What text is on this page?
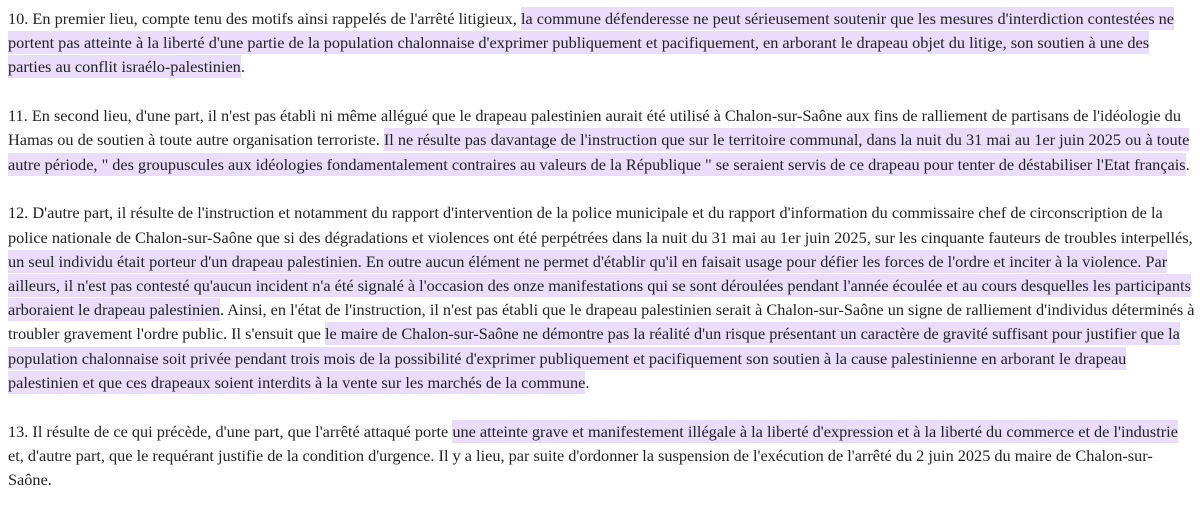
10. En premier lieu, compte tenu des motifs ainsi rappelés de l'arrêté litigieux, la commune défenderesse ne peut sérieusement soutenir que les mesures d'interdiction contestées ne portent pas atteinte à la liberté d'une partie de la population chalonnaise d'exprimer publiquement et pacifiquement, en arborant le drapeau objet du litige, son soutien à une des parties au conflit israélo-palestinien.

11. En second lieu, d'une part, il n'est pas établi ni même allégué que le drapeau palestinien aurait été utilisé à Chalon-sur-Saône aux fins de ralliement de partisans de l'idéologie du Hamas ou de soutien à toute autre organisation terroriste. Il ne résulte pas davantage de l'instruction que sur le territoire communal, dans la nuit du 31 mai au 1er juin 2025 ou à toute autre période, " des groupuscules aux idéologies fondamentalement contraires au valeurs de la République " se seraient servis de ce drapeau pour tenter de déstabiliser l'Etat français.

12. D'autre part, il résulte de l'instruction et notamment du rapport d'intervention de la police municipale et du rapport d'information du commissaire chef de circonscription de la police nationale de Chalon-sur-Saône que si des dégradations et violences ont été perpétrées dans la nuit du 31 mai au 1er juin 2025, sur les cinquante fauteurs de troubles interpellés, un seul individu était porteur d'un drapeau palestinien. En outre aucun élément ne permet d'établir qu'il en faisait usage pour défier les forces de l'ordre et inciter à la violence. Par ailleurs, il n'est pas contesté qu'aucun incident n'a été signalé à l'occasion des onze manifestations qui se sont déroulées pendant l'année écoulée et au cours desquelles les participants arboraient le drapeau palestinien. Ainsi, en l'état de l'instruction, il n'est pas établi que le drapeau palestinien serait à Chalon-sur-Saône un signe de ralliement d'individus déterminés à troubler gravement l'ordre public. Il s'ensuit que le maire de Chalon-sur-Saône ne démontre pas la réalité d'un risque présentant un caractère de gravité suffisant pour justifier que la population chalonnaise soit privée pendant trois mois de la possibilité d'exprimer publiquement et pacifiquement son soutien à la cause palestinienne en arborant le drapeau palestinien et que ces drapeaux soient interdits à la vente sur les marchés de la commune.

13. Il résulte de ce qui précède, d'une part, que l'arrêté attaqué porte une atteinte grave et manifestement illégale à la liberté d'expression et à la liberté du commerce et de l'industrie et, d'autre part, que le requérant justifie de la condition d'urgence. Il y a lieu, par suite d'ordonner la suspension de l'exécution de l'arrêté du 2 juin 2025 du maire de Chalon-sur-Saône.
